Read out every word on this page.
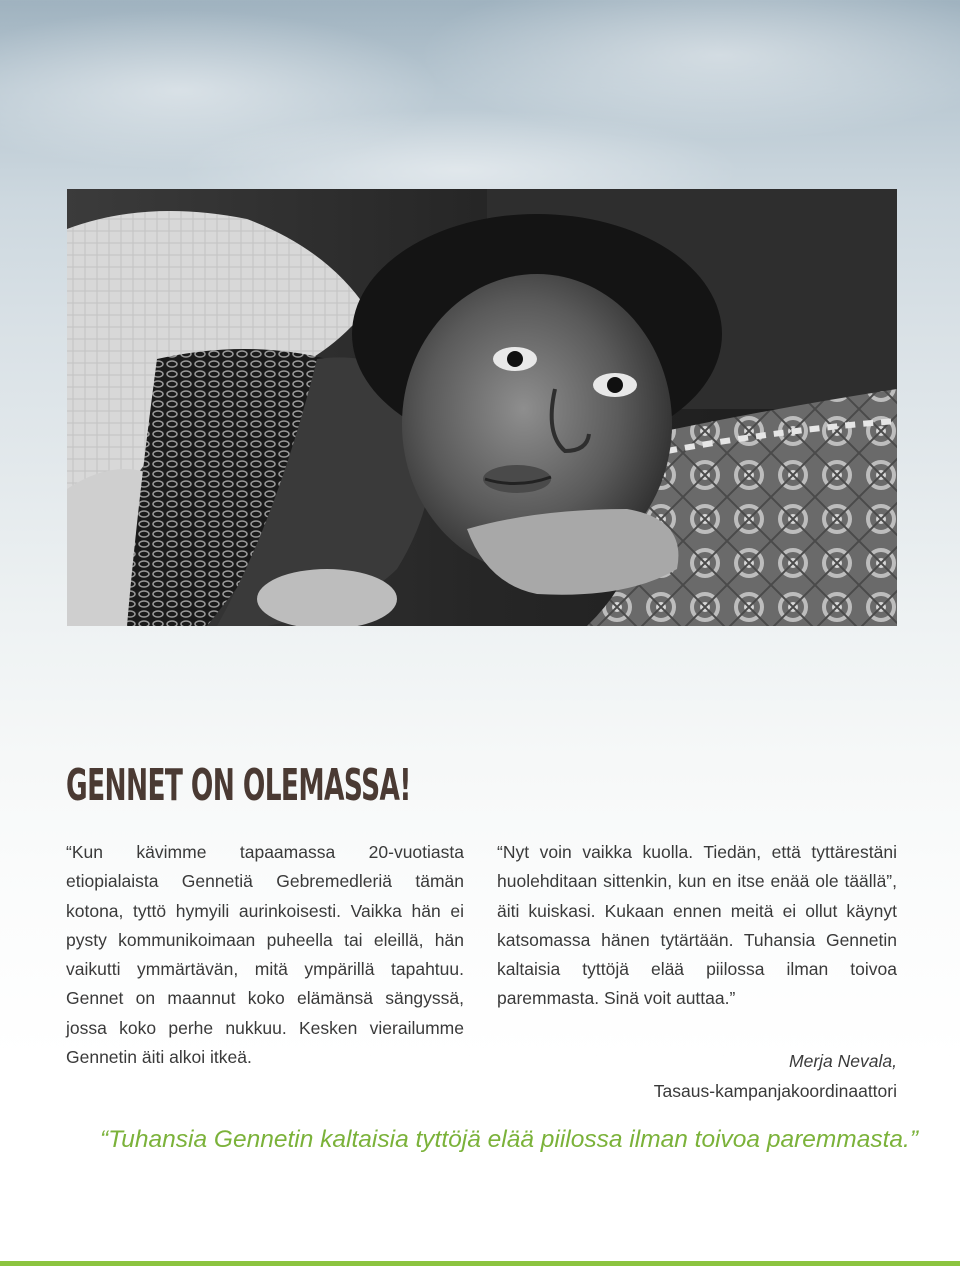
GENNET ON OLEMASSA!

“Kun kävimme tapaamassa 20-vuotiasta etiopialaista Gennetiä Gebremedleriä tämän kotona, tyttö hymyili aurinkoisesti. Vaikka hän ei pysty kommunikoimaan puheella tai eleillä, hän vaikutti ymmärtävän, mitä ympärillä tapahtuu. Gennet on maannut koko elämänsä sängyssä, jossa koko perhe nukkuu. Kesken vierailumme Gennetin äiti alkoi itkeä.

“Nyt voin vaikka kuolla. Tiedän, että tyttärestäni huolehditaan sittenkin, kun en itse enää ole täällä”, äiti kuiskasi. Kukaan ennen meitä ei ollut käynyt katsomassa hänen tytärtään. Tuhansia Gennetin kaltaisia tyttöjä elää piilossa ilman toivoa paremmasta. Sinä voit auttaa.”

Merja Nevala,

Tasaus-kampanjakoordinaattori

“Tuhansia Gennetin kaltaisia tyttöjä elää piilossa ilman toivoa paremmasta.”
